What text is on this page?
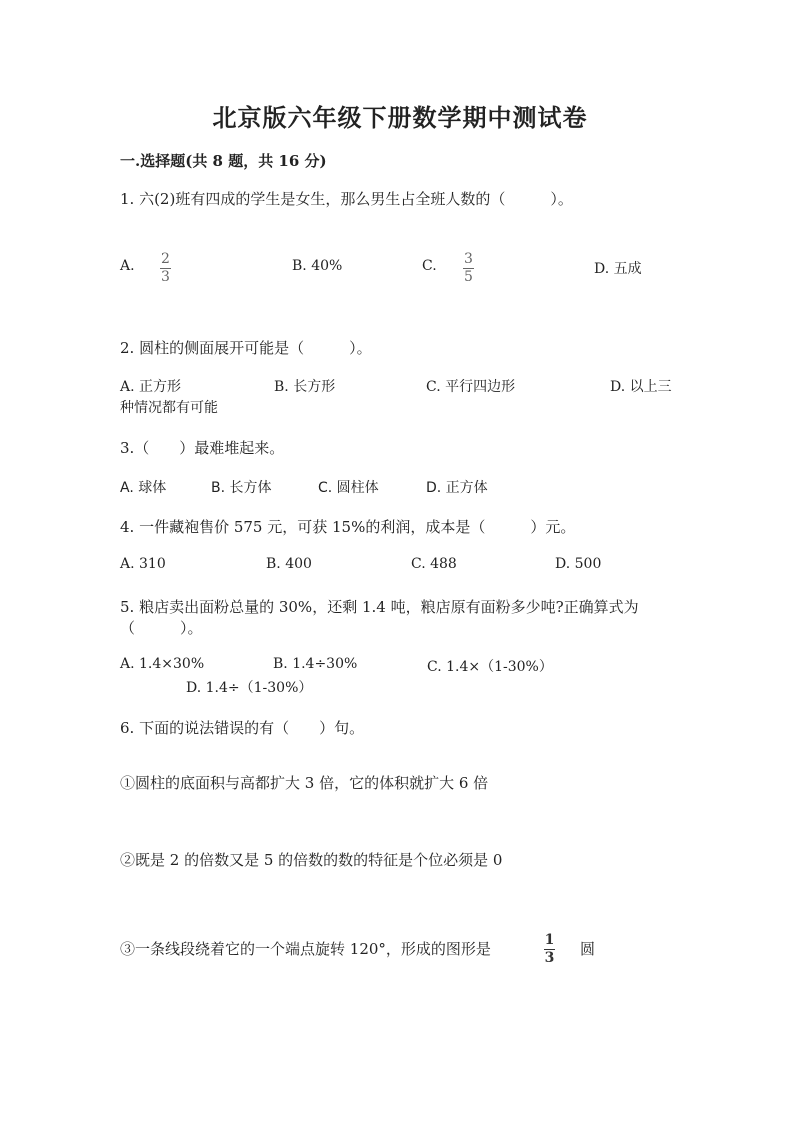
北京版六年级下册数学期中测试卷
一.选择题(共 8 题，共 16 分)
1. 六(2)班有四成的学生是女生，那么男生占全班人数的（　　　）。
A. 2
3
B. 40%	C. 3
5	D. 五成
2. 圆柱的侧面展开可能是（　　　）。
A. 正方形	B. 长方形	C. 平行四边形	D. 以上三
种情况都有可能
3.（　　）最难堆起来。
A. 球体	B. 长方体	C. 圆柱体	D. 正方体
4. 一件藏袍售价 575 元，可获 15%的利润，成本是（　　　）元。
A. 310	B. 400	C. 488	D. 500
5. 粮店卖出面粉总量的 30%，还剩 1.4 吨，粮店原有面粉多少吨?正确算式为
（　　　）。
A. 1.4×30%	B. 1.4÷30%	C. 1.4×（1-30%）
D. 1.4÷（1-30%）
6. 下面的说法错误的有（　　）句。
①圆柱的底面积与高都扩大 3 倍，它的体积就扩大 6 倍
②既是 2 的倍数又是 5 的倍数的数的特征是个位必须是 0
③一条线段绕着它的一个端点旋转 120°，形成的图形是	1
3 圆
